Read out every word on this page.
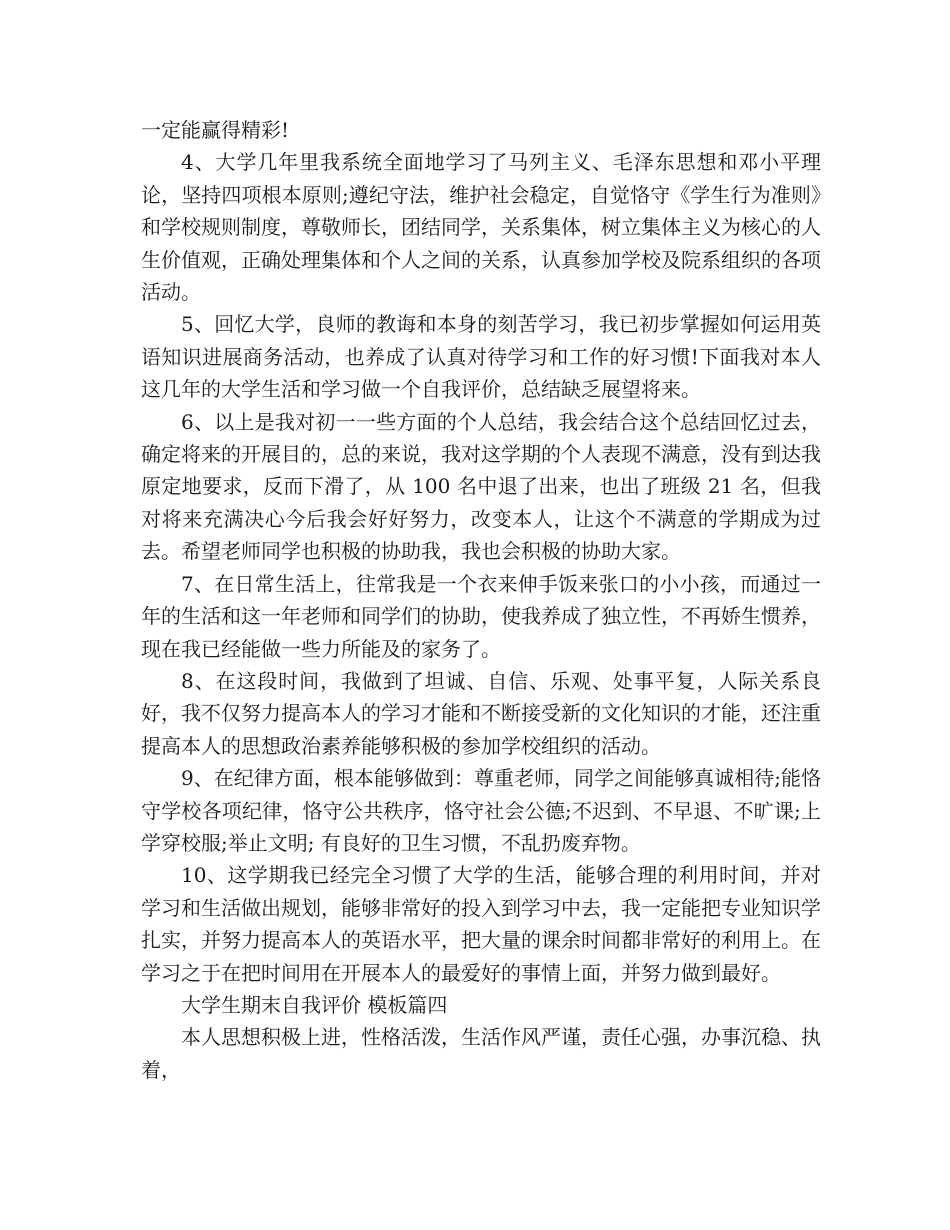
一定能赢得精彩!

4、大学几年里我系统全面地学习了马列主义、毛泽东思想和邓小平理论，坚持四项根本原则;遵纪守法，维护社会稳定，自觉恪守《学生行为准则》和学校规则制度，尊敬师长，团结同学，关系集体，树立集体主义为核心的人生价值观，正确处理集体和个人之间的关系，认真参加学校及院系组织的各项活动。

5、回忆大学，良师的教诲和本身的刻苦学习，我已初步掌握如何运用英语知识进展商务活动，也养成了认真对待学习和工作的好习惯!下面我对本人这几年的大学生活和学习做一个自我评价，总结缺乏展望将来。

6、以上是我对初一一些方面的个人总结，我会结合这个总结回忆过去，确定将来的开展目的，总的来说，我对这学期的个人表现不满意，没有到达我原定地要求，反而下滑了，从 100 名中退了出来，也出了班级 21 名，但我对将来充满决心今后我会好好努力，改变本人，让这个不满意的学期成为过去。希望老师同学也积极的协助我，我也会积极的协助大家。

7、在日常生活上，往常我是一个衣来伸手饭来张口的小小孩，而通过一年的生活和这一年老师和同学们的协助，使我养成了独立性，不再娇生惯养，现在我已经能做一些力所能及的家务了。

8、在这段时间，我做到了坦诚、自信、乐观、处事平复，人际关系良好，我不仅努力提高本人的学习才能和不断接受新的文化知识的才能，还注重提高本人的思想政治素养能够积极的参加学校组织的活动。

9、在纪律方面，根本能够做到：尊重老师，同学之间能够真诚相待;能恪守学校各项纪律，恪守公共秩序，恪守社会公德;不迟到、不早退、不旷课;上学穿校服;举止文明; 有良好的卫生习惯，不乱扔废弃物。

10、这学期我已经完全习惯了大学的生活，能够合理的利用时间，并对学习和生活做出规划，能够非常好的投入到学习中去，我一定能把专业知识学扎实，并努力提高本人的英语水平，把大量的课余时间都非常好的利用上。在学习之于在把时间用在开展本人的最爱好的事情上面，并努力做到最好。

大学生期末自我评价 模板篇四

本人思想积极上进，性格活泼，生活作风严谨，责任心强，办事沉稳、执着，
